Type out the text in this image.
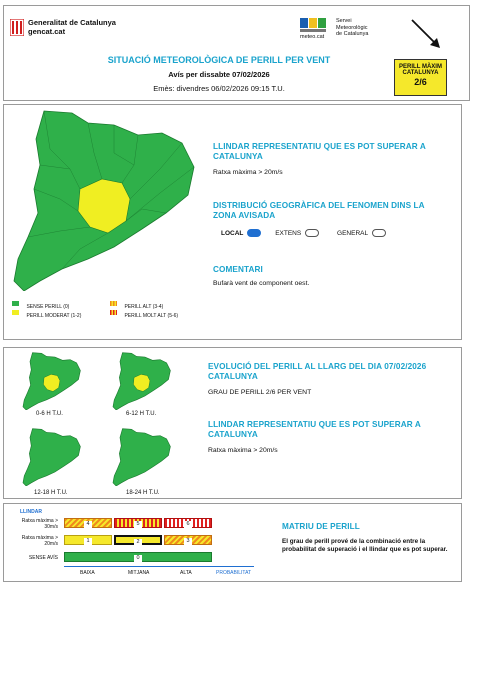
Generalitat de Catalunya
gencat.cat
meteo.cat
Servei
Meteorològic
de Catalunya
SITUACIÓ METEOROLÒGICA DE PERILL PER VENT
Avís per dissabte 07/02/2026
Emès: divendres 06/02/2026 09:15 T.U.
PERILL MÀXIM
CATALUNYA
2/6
SENSE PERILL (0)
PERILL MODERAT (1-2)
PERILL ALT (3-4)
PERILL MOLT ALT (5-6)
LLINDAR REPRESENTATIU QUE ES POT SUPERAR A CATALUNYA
Ratxa màxima > 20m/s
DISTRIBUCIÓ GEOGRÀFICA DEL FENOMEN DINS LA ZONA AVISADA
LOCAL	EXTENS	GENERAL
COMENTARI
Bufarà vent de component oest.
0-6 H T.U.	6-12 H T.U.
12-18 H T.U.	18-24 H T.U.
EVOLUCIÓ DEL PERILL AL LLARG DEL DIA 07/02/2026 CATALUNYA
GRAU DE PERILL 2/6 PER VENT
LLINDAR REPRESENTATIU QUE ES POT SUPERAR A CATALUNYA
Ratxa màxima > 20m/s
LLINDAR
Ratxa màxima > 30m/s
Ratxa màxima > 20m/s
SENSE AVÍS
4	5	6
1	2	3
0
BAIXA	MITJANA	ALTA	PROBABILITAT
MATRIU DE PERILL
El grau de perill prové de la combinació entre la probabilitat de superació i el llindar que es pot superar.
